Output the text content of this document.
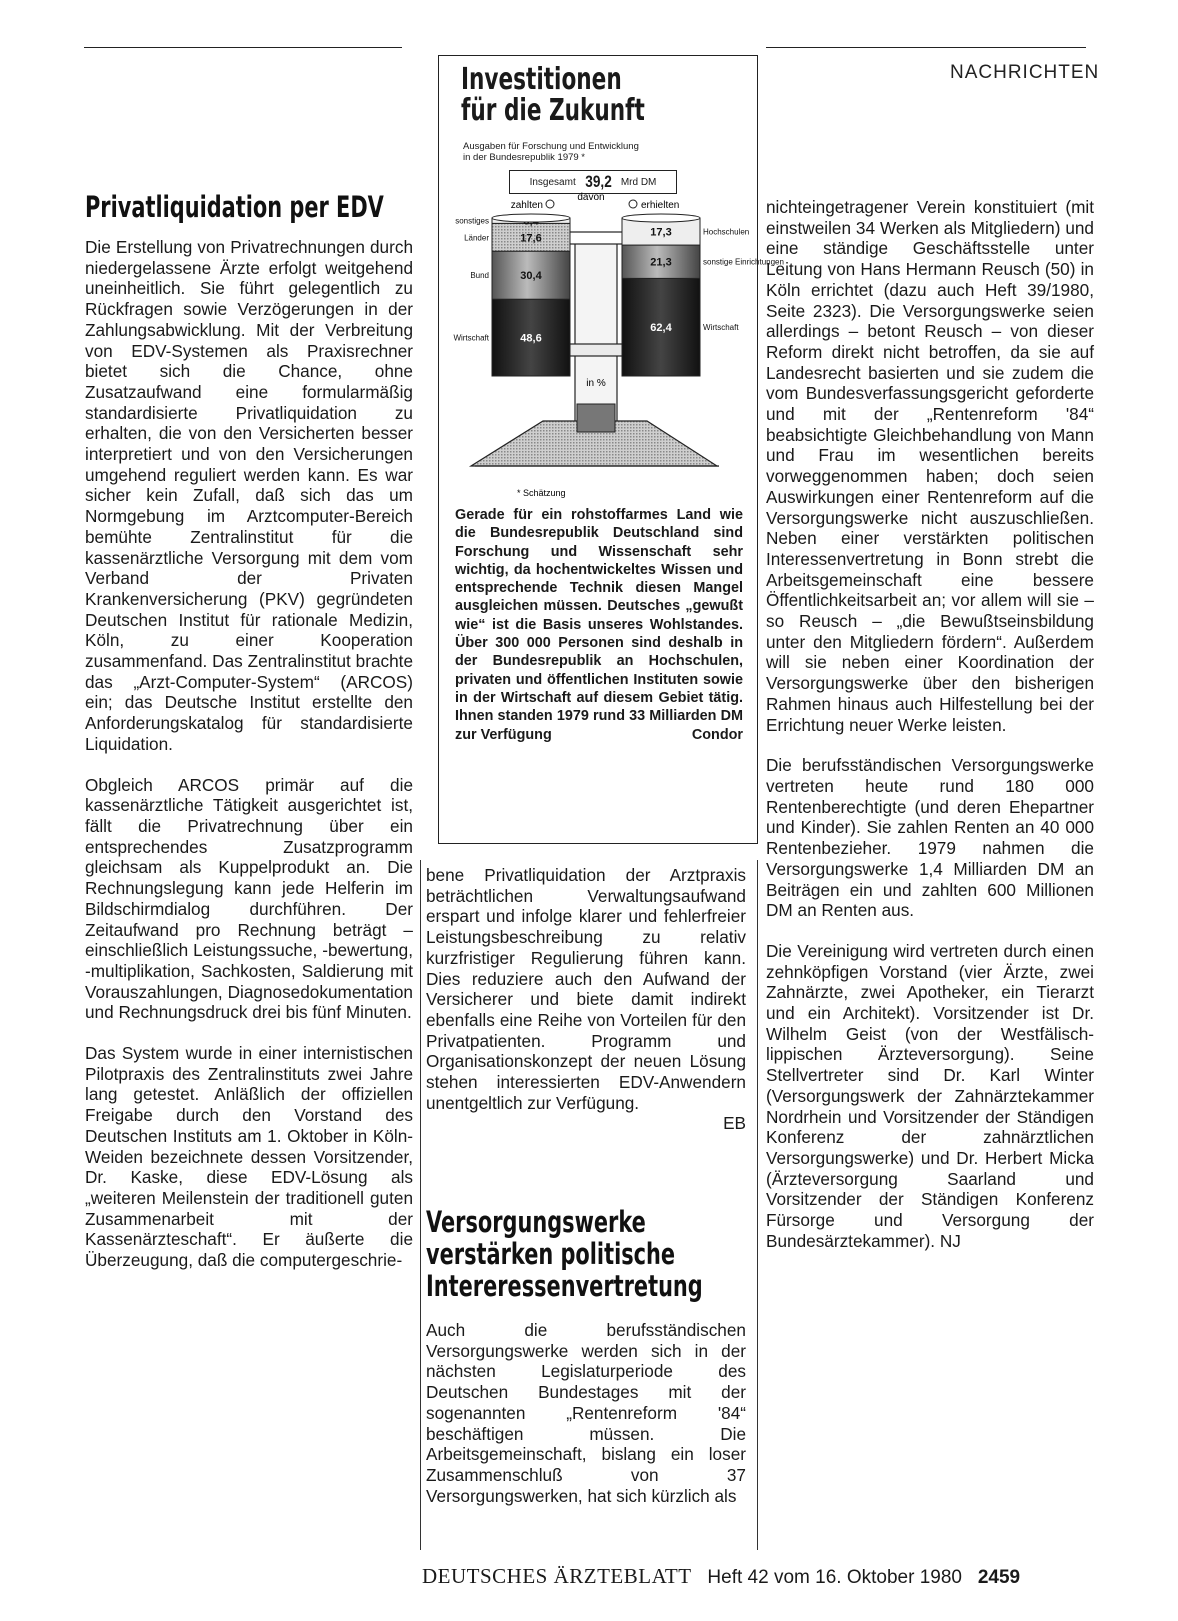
NACHRICHTEN
Privatliquidation per EDV

Die Erstellung von Privatrechnungen durch niedergelassene Ärzte erfolgt weitgehend uneinheitlich. Sie führt gelegentlich zu Rückfragen sowie Verzögerungen in der Zahlungsabwicklung. Mit der Verbreitung von EDV-Systemen als Praxisrechner bietet sich die Chance, ohne Zusatzaufwand eine formularmäßig standardisierte Privatliquidation zu erhalten, die von den Versicherten besser interpretiert und von den Versicherungen umgehend reguliert werden kann. Es war sicher kein Zufall, daß sich das um Normgebung im Arztcomputer-Bereich bemühte Zentralinstitut für die kassenärztliche Versorgung mit dem vom Verband der Privaten Krankenversicherung (PKV) gegründeten Deutschen Institut für rationale Medizin, Köln, zu einer Kooperation zusammenfand. Das Zentralinstitut brachte das „Arzt-Computer-System“ (ARCOS) ein; das Deutsche Institut erstellte den Anforderungskatalog für standardisierte Liquidation.

Obgleich ARCOS primär auf die kassenärztliche Tätigkeit ausgerichtet ist, fällt die Privatrechnung über ein entsprechendes Zusatzprogramm gleichsam als Kuppelprodukt an. Die Rechnungslegung kann jede Helferin im Bildschirmdialog durchführen. Der Zeitaufwand pro Rechnung beträgt – einschließlich Leistungssuche, -bewertung, -multiplikation, Sachkosten, Saldierung mit Vorauszahlungen, Diagnosedokumentation und Rechnungsdruck drei bis fünf Minuten.

Das System wurde in einer internistischen Pilotpraxis des Zentralinstituts zwei Jahre lang getestet. Anläßlich der offiziellen Freigabe durch den Vorstand des Deutschen Instituts am 1. Oktober in Köln-Weiden bezeichnete dessen Vorsitzender, Dr. Kaske, diese EDV-Lösung als „weiteren Meilenstein der traditionell guten Zusammenarbeit mit der Kassenärzteschaft“. Er äußerte die Überzeugung, daß die computergeschrie-

Investitionen
für die Zukunft
Ausgaben für Forschung und Entwicklung
in der Bundesrepublik 1979 *
Insgesamt 39,2 Mrd DM
48,6
Wirtschaft
30,4
Bund
17,6
Länder
sonstiges
62,4	Wirtschaft
21,3	sonstige Einrichtungen
17,3	Hochschulen
davon
zahlten	erhielten
in %
* Schätzung
Gerade für ein rohstoffarmes Land wie die Bundesrepublik Deutschland sind Forschung und Wissenschaft sehr wichtig, da hochentwickeltes Wissen und entsprechende Technik diesen Mangel ausgleichen müssen. Deutsches „gewußt wie“ ist die Basis unseres Wohlstandes. Über 300 000 Personen sind deshalb in der Bundesrepublik an Hochschulen, privaten und öffentlichen Instituten sowie in der Wirtschaft auf diesem Gebiet tätig. Ihnen standen 1979 rund 33 Milliarden DM zur Verfügung	Condor

bene Privatliquidation der Arztpraxis beträchtlichen Verwaltungsaufwand erspart und infolge klarer und fehlerfreier Leistungsbeschreibung zu relativ kurzfristiger Regulierung führen kann. Dies reduziere auch den Aufwand der Versicherer und biete damit indirekt ebenfalls eine Reihe von Vorteilen für den Privatpatienten. Programm und Organisationskonzept der neuen Lösung stehen interessierten EDV-Anwendern unentgeltlich zur Verfügung.

EB
Versorgungswerke
verstärken politische
Intereressenvertretung

Auch die berufsständischen Versorgungswerke werden sich in der nächsten Legislaturperiode des Deutschen Bundestages mit der sogenannten „Rentenreform '84“ beschäftigen müssen. Die Arbeitsgemeinschaft, bislang ein loser Zusammenschluß von 37 Versorgungswerken, hat sich kürzlich als

nichteingetragener Verein konstituiert (mit einstweilen 34 Werken als Mitgliedern) und eine ständige Geschäftsstelle unter Leitung von Hans Hermann Reusch (50) in Köln errichtet (dazu auch Heft 39/1980, Seite 2323). Die Versorgungswerke seien allerdings – betont Reusch – von dieser Reform direkt nicht betroffen, da sie auf Landesrecht basierten und sie zudem die vom Bundesverfassungsgericht geforderte und mit der „Rentenreform '84“ beabsichtigte Gleichbehandlung von Mann und Frau im wesentlichen bereits vorweggenommen haben; doch seien Auswirkungen einer Rentenreform auf die Versorgungswerke nicht auszuschließen. Neben einer verstärkten politischen Interessenvertretung in Bonn strebt die Arbeitsgemeinschaft eine bessere Öffentlichkeitsarbeit an; vor allem will sie – so Reusch – „die Bewußtseinsbildung unter den Mitgliedern fördern“. Außerdem will sie neben einer Koordination der Versorgungswerke über den bisherigen Rahmen hinaus auch Hilfestellung bei der Errichtung neuer Werke leisten.

Die berufsständischen Versorgungswerke vertreten heute rund 180 000 Rentenberechtigte (und deren Ehepartner und Kinder). Sie zahlen Renten an 40 000 Rentenbezieher. 1979 nahmen die Versorgungswerke 1,4 Milliarden DM an Beiträgen ein und zahlten 600 Millionen DM an Renten aus.

Die Vereinigung wird vertreten durch einen zehnköpfigen Vorstand (vier Ärzte, zwei Zahnärzte, zwei Apotheker, ein Tierarzt und ein Architekt). Vorsitzender ist Dr. Wilhelm Geist (von der Westfälisch-lippischen Ärzteversorgung). Seine Stellvertreter sind Dr. Karl Winter (Versorgungswerk der Zahnärztekammer Nordrhein und Vorsitzender der Ständigen Konferenz der zahnärztlichen Versorgungswerke) und Dr. Herbert Micka (Ärzteversorgung Saarland und Vorsitzender der Ständigen Konferenz Fürsorge und Versorgung der Bundesärztekammer). NJ

DEUTSCHES ÄRZTEBLATT Heft 42 vom 16. Oktober 1980 2459
